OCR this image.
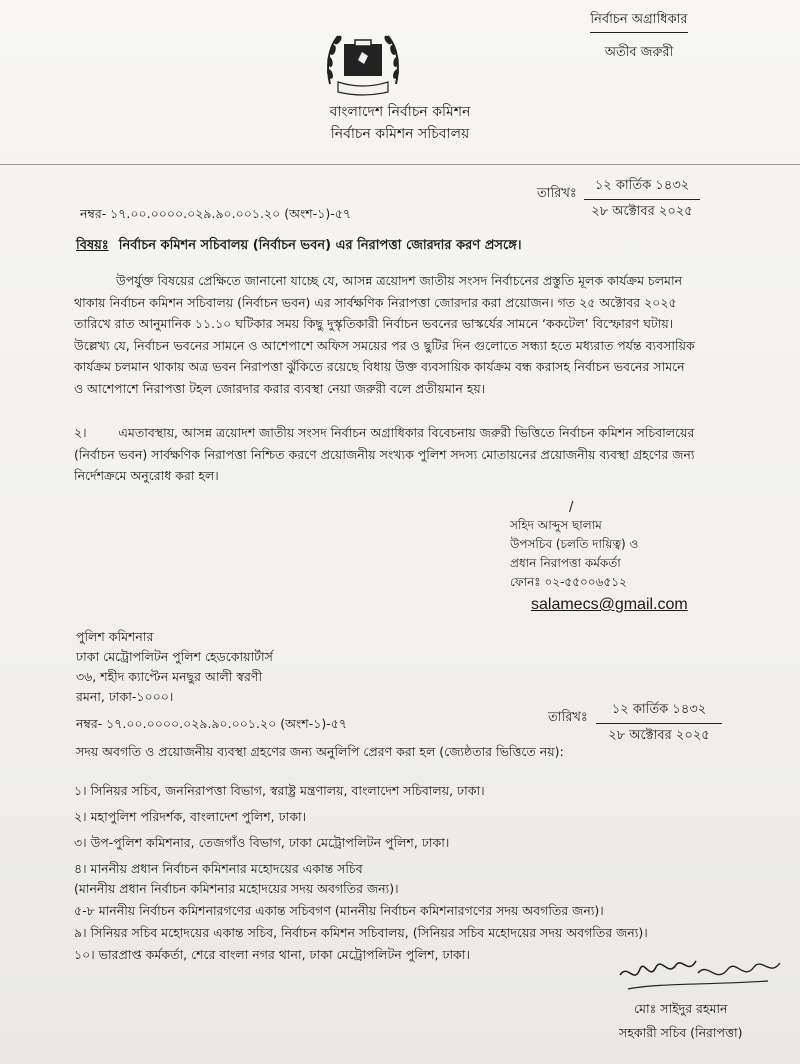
নির্বাচন অগ্রাধিকার
অতীব জরুরী
বাংলাদেশ নির্বাচন কমিশন
নির্বাচন কমিশন সচিবালয়
নম্বর- ১৭.০০.০০০০.০২৯.৯০.০০১.২০ (অংশ-১)-৫৭
তারিখঃ
১২ কার্তিক ১৪৩২
২৮ অক্টোবর ২০২৫
বিষয়ঃ নির্বাচন কমিশন সচিবালয় (নির্বাচন ভবন) এর নিরাপত্তা জোরদার করণ প্রসঙ্গে।
উপর্যুক্ত বিষয়ের প্রেক্ষিতে জানানো যাচ্ছে যে, আসন্ন ত্রয়োদশ জাতীয় সংসদ নির্বাচনের প্রস্তুতি মূলক কার্যক্রম চলমান
থাকায় নির্বাচন কমিশন সচিবালয় (নির্বাচন ভবন) এর সার্বক্ষণিক নিরাপত্তা জোরদার করা প্রয়োজন। গত ২৫ অক্টোবর ২০২৫
তারিখে রাত আনুমানিক ১১.১০ ঘটিকার সময় কিছু দুস্কৃতিকারী নির্বাচন ভবনের ভাস্কর্যের সামনে ‘ককটেল’ বিস্ফোরণ ঘটায়।
উল্লেখ্য যে, নির্বাচন ভবনের সামনে ও আশেপাশে অফিস সময়ের পর ও ছুটির দিন গুলোতে সন্ধ্যা হতে মধ্যরাত পর্যন্ত ব্যবসায়িক
কার্যক্রম চলমান থাকায় অত্র ভবন নিরাপত্তা ঝুঁকিতে রয়েছে বিধায় উক্ত ব্যবসায়িক কার্যক্রম বন্ধ করাসহ নির্বাচন ভবনের সামনে
ও আশেপাশে নিরাপত্তা টহল জোরদার করার ব্যবস্থা নেয়া জরুরী বলে প্রতীয়মান হয়।
২।        এমতাবস্থায়, আসন্ন ত্রয়োদশ জাতীয় সংসদ নির্বাচন অগ্রাধিকার বিবেচনায় জরুরী ভিত্তিতে নির্বাচন কমিশন সচিবালয়ের
(নির্বাচন ভবন) সার্বক্ষণিক নিরাপত্তা নিশ্চিত করণে প্রয়োজনীয় সংখ্যক পুলিশ সদস্য মোতায়নের প্রয়োজনীয় ব্যবস্থা গ্রহণের জন্য
নির্দেশক্রমে অনুরোধ করা হল।
/
সহিদ আব্দুস ছালাম
উপসচিব (চলতি দায়িত্ব) ও
প্রধান নিরাপত্তা কর্মকর্তা
ফোনঃ ০২-৫৫০০৬৫১২
salamecs@gmail.com
পুলিশ কমিশনার
ঢাকা মেট্রোপলিটন পুলিশ হেডকোয়ার্টার্স
৩৬, শহীদ ক্যাপ্টেন মনছুর আলী স্বরণী
রমনা, ঢাকা-১০০০।
নম্বর- ১৭.০০.০০০০.০২৯.৯০.০০১.২০ (অংশ-১)-৫৭	তারিখঃ
১২ কার্তিক ১৪৩২
২৮ অক্টোবর ২০২৫
সদয় অবগতি ও প্রয়োজনীয় ব্যবস্থা গ্রহণের জন্য অনুলিপি প্রেরণ করা হল (জ্যেষ্ঠতার ভিত্তিতে নয়):
১। সিনিয়র সচিব, জননিরাপত্তা বিভাগ, স্বরাষ্ট্র মন্ত্রণালয়, বাংলাদেশ সচিবালয়, ঢাকা।
২। মহাপুলিশ পরিদর্শক, বাংলাদেশ পুলিশ, ঢাকা।
৩। উপ-পুলিশ কমিশনার, তেজগাঁও বিভাগ, ঢাকা মেট্রোপলিটন পুলিশ, ঢাকা।
৪। মাননীয় প্রধান নির্বাচন কমিশনার মহোদয়ের একান্ত সচিব
(মাননীয় প্রধান নির্বাচন কমিশনার মহোদয়ের সদয় অবগতির জন্য)।
৫-৮ মাননীয় নির্বাচন কমিশনারগণের একান্ত সচিবগণ (মাননীয় নির্বাচন কমিশনারগণের সদয় অবগতির জন্য)।
৯। সিনিয়র সচিব মহোদয়ের একান্ত সচিব, নির্বাচন কমিশন সচিবালয়, (সিনিয়র সচিব মহোদয়ের সদয় অবগতির জন্য)।
১০। ভারপ্রাপ্ত কর্মকর্তা, শেরে বাংলা নগর থানা, ঢাকা মেট্রোপলিটন পুলিশ, ঢাকা।
মোঃ সাইদুর রহমান
সহকারী সচিব (নিরাপত্তা)
